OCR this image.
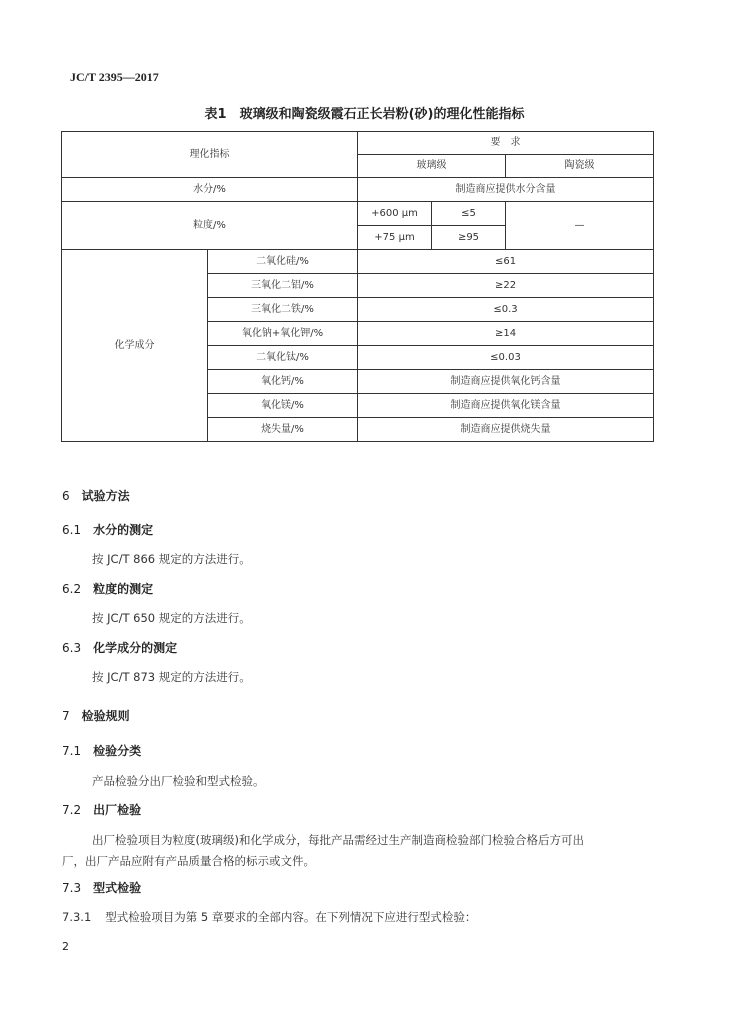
JC/T 2395—2017
表1　玻璃级和陶瓷级霞石正长岩粉(砂)的理化性能指标
理化指标		要　求		
		玻璃级		陶瓷级
水分/%		制造商应提供水分含量		
粒度/%		+600 μm	≤5	—
		+75 μm	≥95	
化学成分	二氧化硅/%	≤61		
	三氧化二铝/%	≥22		
	三氧化二铁/%	≤0.3		
	氧化钠+氧化钾/%	≥14		
	二氧化钛/%	≤0.03		
	氧化钙/%	制造商应提供氧化钙含量		
	氧化镁/%	制造商应提供氧化镁含量		
	烧失量/%	制造商应提供烧失量		
6 试验方法
6.1 水分的测定
按 JC/T 866 规定的方法进行。
6.2 粒度的测定
按 JC/T 650 规定的方法进行。
6.3 化学成分的测定
按 JC/T 873 规定的方法进行。
7 检验规则
7.1 检验分类
产品检验分出厂检验和型式检验。
7.2 出厂检验
出厂检验项目为粒度(玻璃级)和化学成分，每批产品需经过生产制造商检验部门检验合格后方可出
厂，出厂产品应附有产品质量合格的标示或文件。
7.3 型式检验
7.3.1 型式检验项目为第 5 章要求的全部内容。在下列情况下应进行型式检验：
2
